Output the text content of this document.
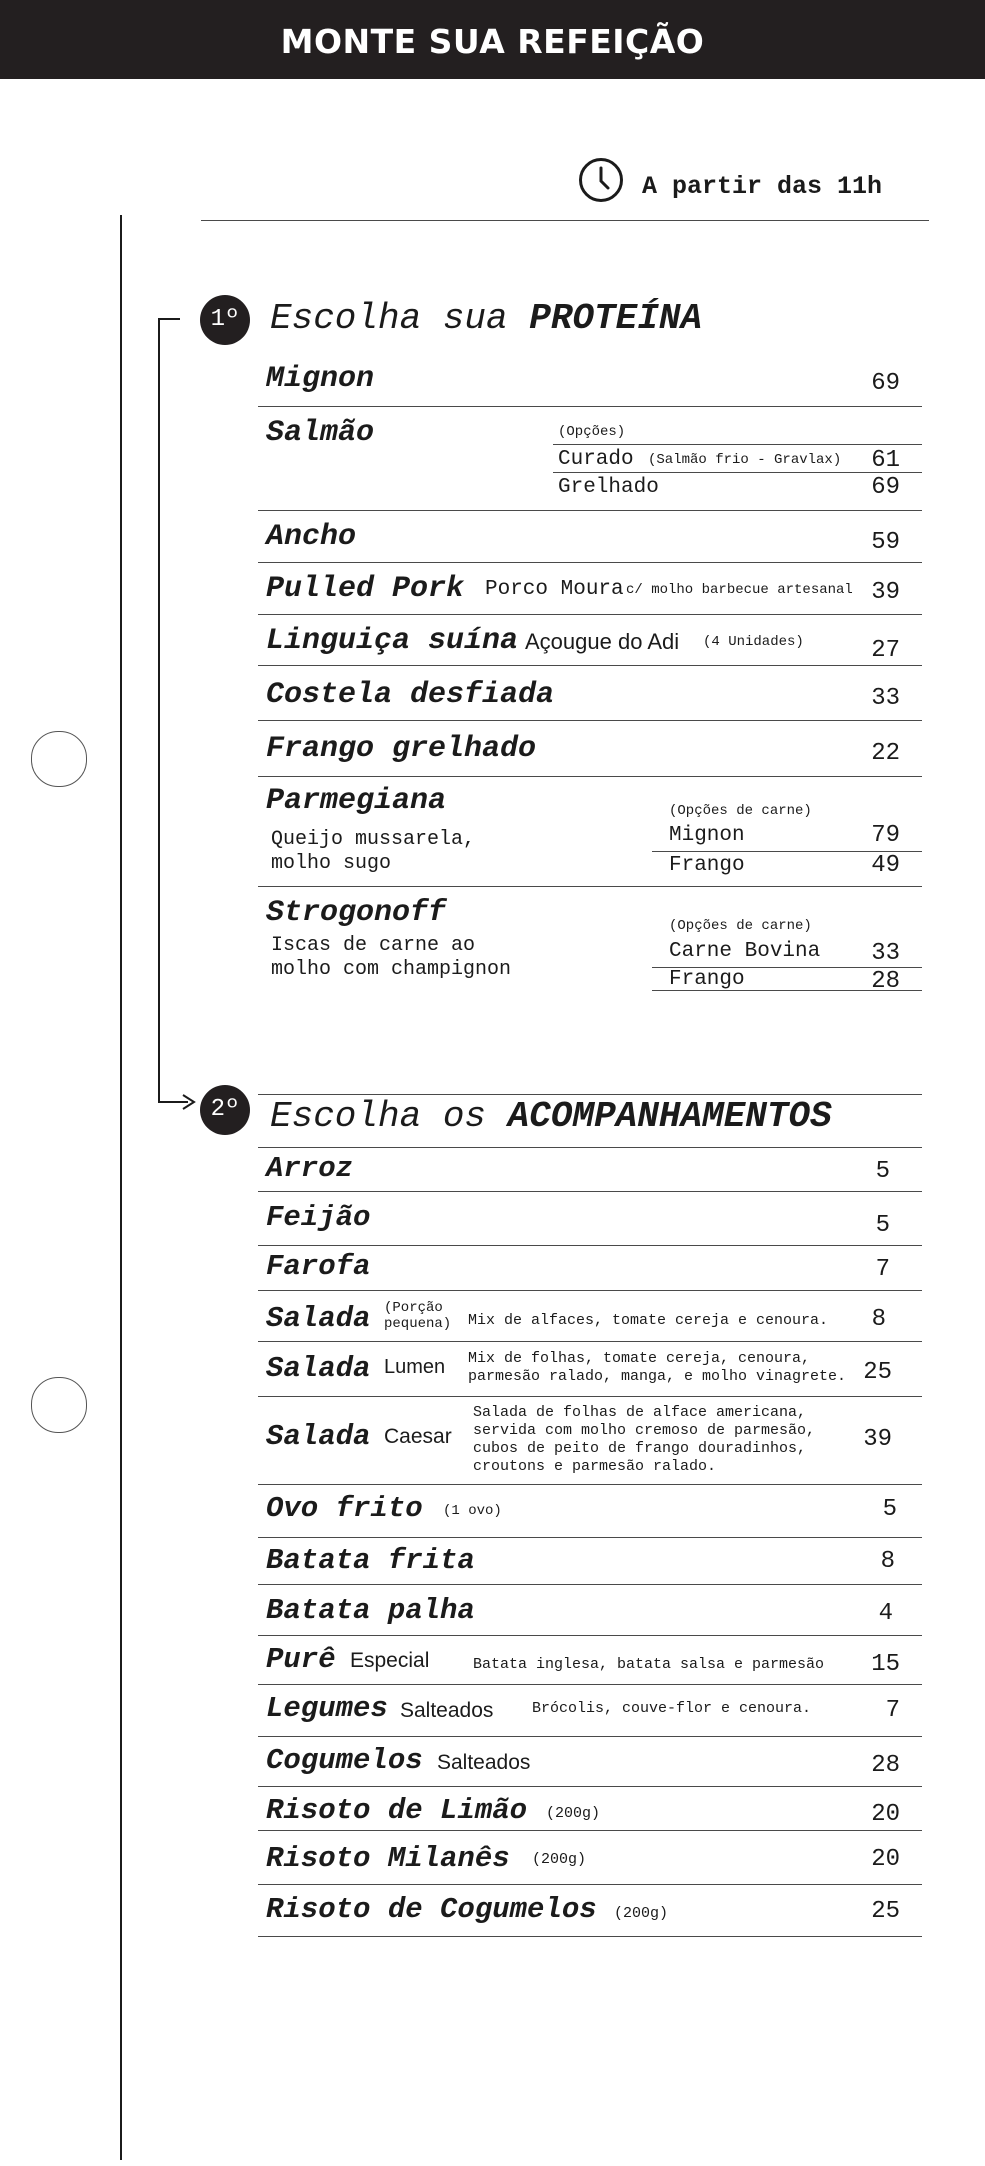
MONTE SUA REFEIÇÃO
A partir das 11h
1º Escolha sua PROTEÍNA
Mignon	69
Salmão	(Opções)
Curado (Salmão frio - Gravlax)	61
Grelhado	69
Ancho	59
Pulled Pork Porco Moura c/ molho barbecue artesanal 39
Linguiça suína Açougue do Adi (4 Unidades)	27
Costela desfiada	33
Frango grelhado	22
Parmegiana
Queijo mussarela,
molho sugo
(Opções de carne)
Mignon	79
Frango	49
Strogonoff
Iscas de carne ao
molho com champignon
(Opções de carne)
Carne Bovina	33
Frango	28
2º Escolha os ACOMPANHAMENTOS
Arroz	5
Feijão	5
Farofa	7
Salada (Porção
pequena) Mix de alfaces, tomate cereja e cenoura.	8
Salada Lumen Mix de folhas, tomate cereja, cenoura,
parmesão ralado, manga, e molho vinagrete. 25
Salada Caesar
Salada de folhas de alface americana,
servida com molho cremoso de parmesão,
cubos de peito de frango douradinhos,
croutons e parmesão ralado.
39
Ovo frito (1 ovo)	5
Batata frita	8
Batata palha	4
Purê Especial	Batata inglesa, batata salsa e parmesão	15
Legumes Salteados	Brócolis, couve-flor e cenoura.	7
Cogumelos Salteados	28
Risoto de Limão (200g)	20
Risoto Milanês (200g)	20
Risoto de Cogumelos (200g)	25
